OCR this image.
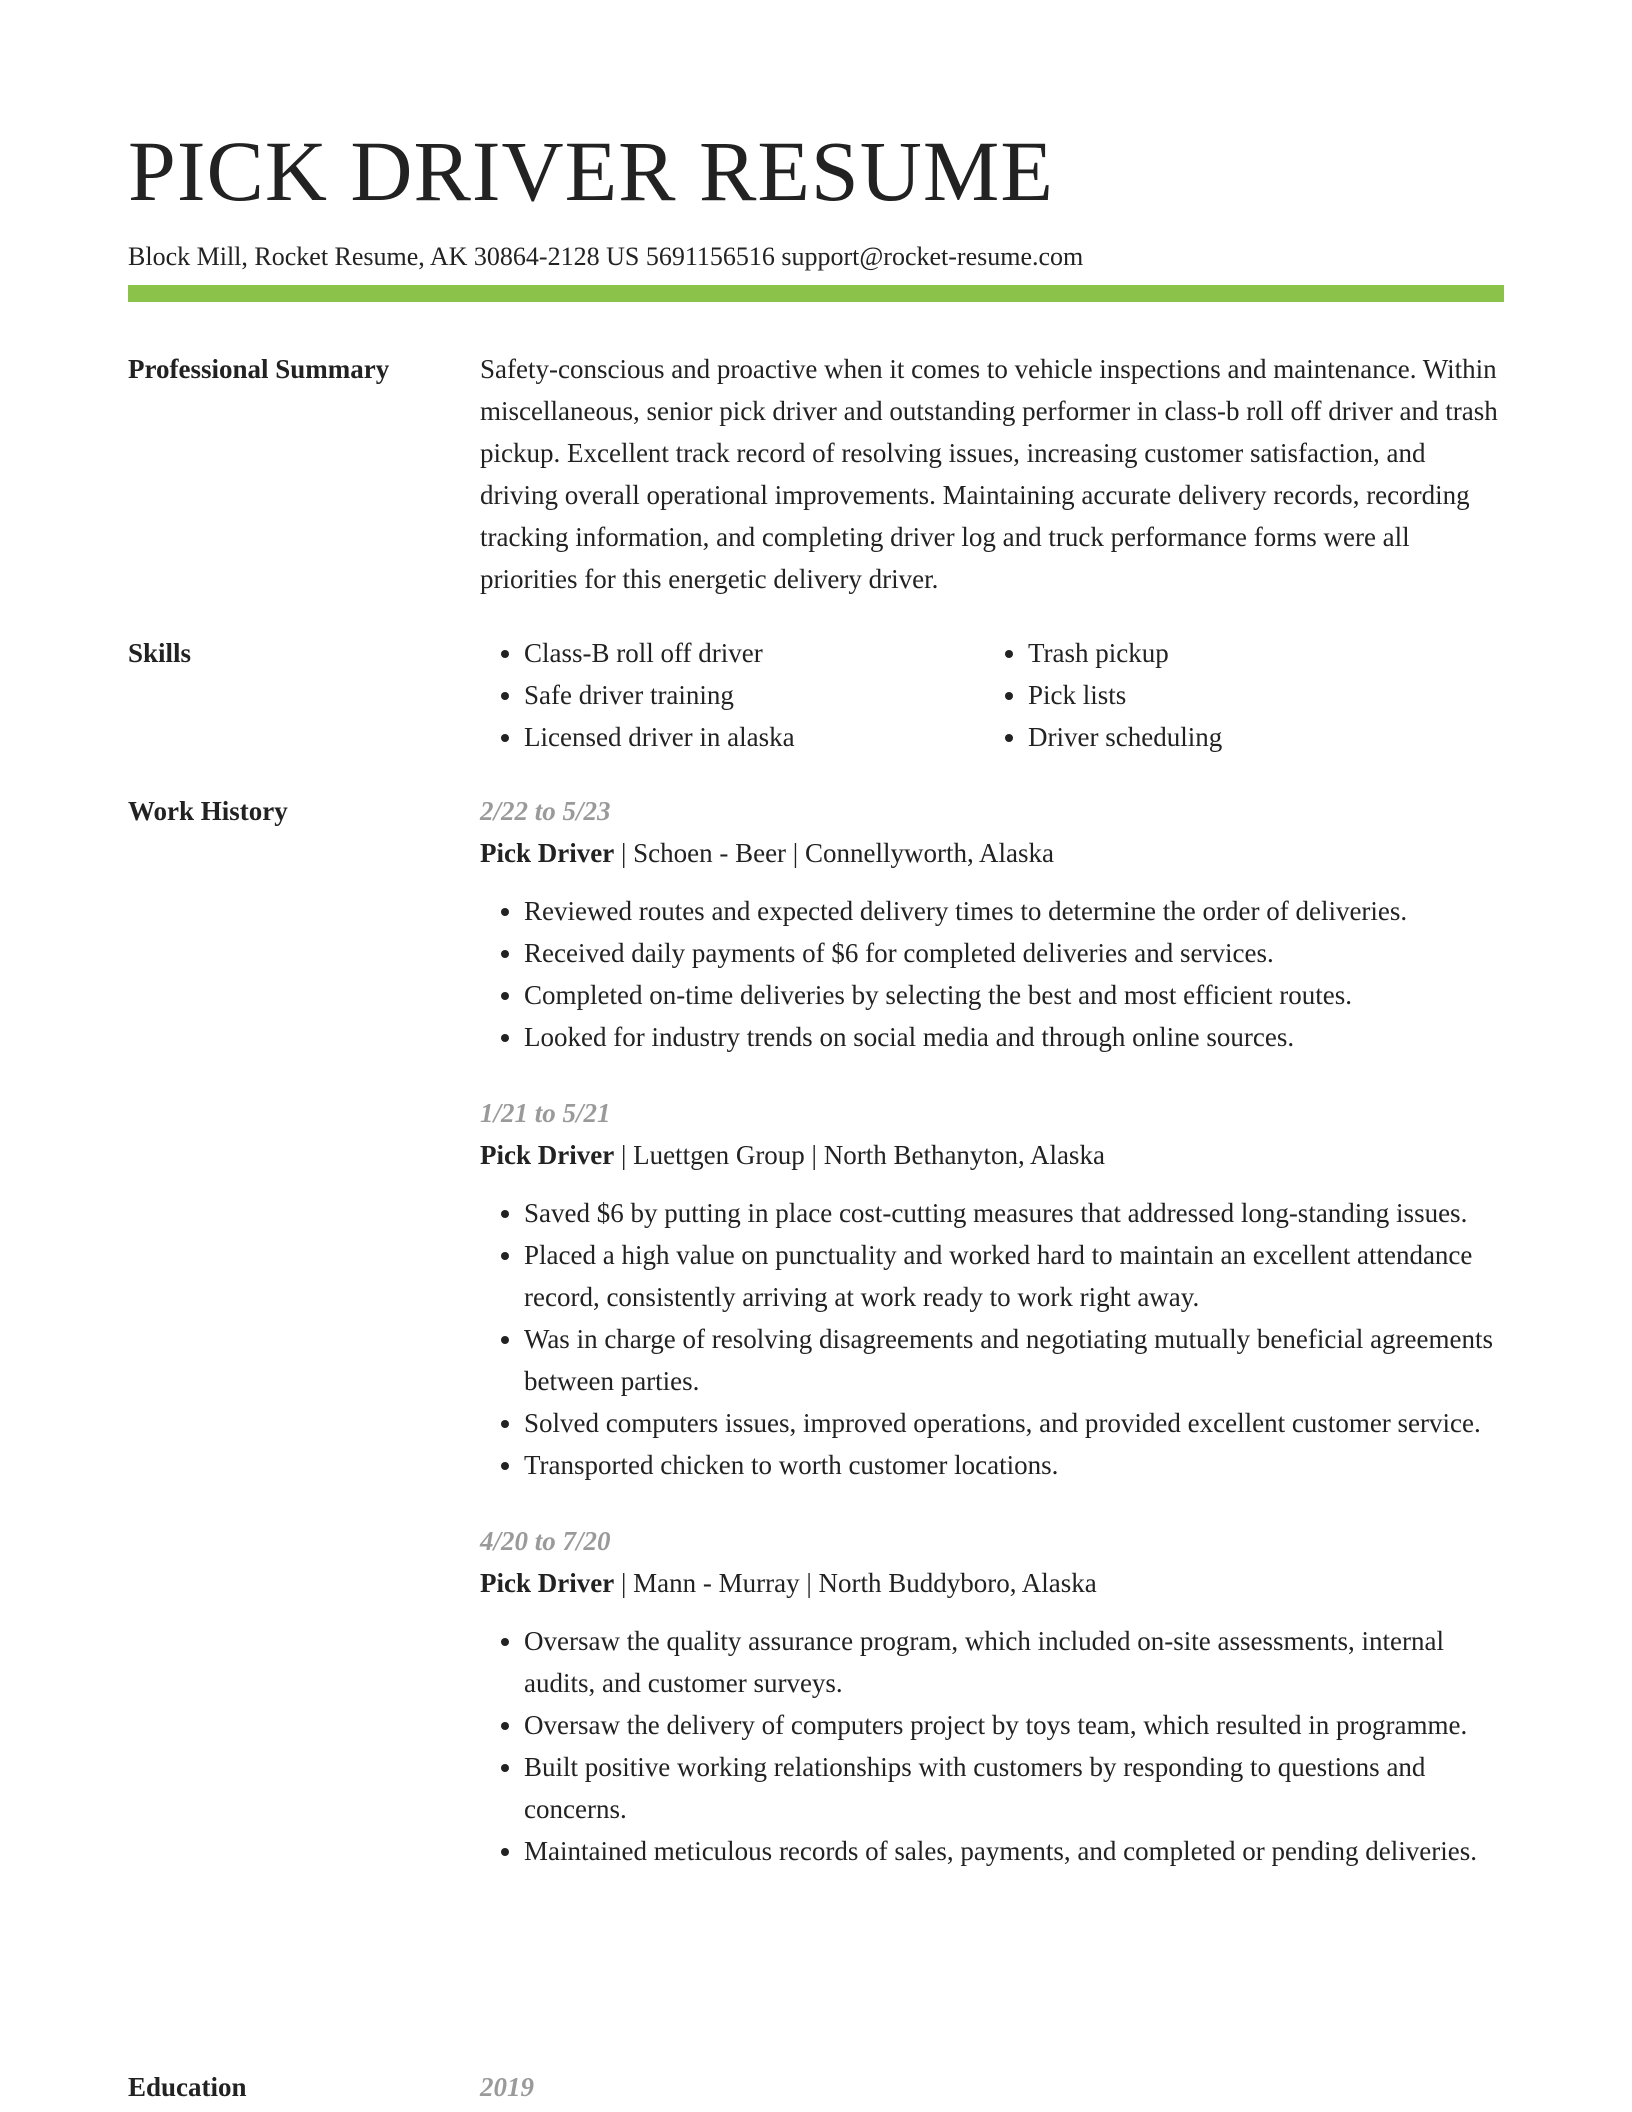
PICK DRIVER RESUME
Block Mill, Rocket Resume, AK 30864-2128 US 5691156516 support@rocket-resume.com
Professional Summary	Safety-conscious and proactive when it comes to vehicle inspections and maintenance. Within miscellaneous, senior pick driver and outstanding performer in class-b roll off driver and trash pickup. Excellent track record of resolving issues, increasing customer satisfaction, and driving overall operational improvements. Maintaining accurate delivery records, recording tracking information, and completing driver log and truck performance forms were all priorities for this energetic delivery driver.

Skills
•	Class-B roll off driver
• Safe driver training
• Licensed driver in alaska
• Trash pickup
• Pick lists
• Driver scheduling
Work History	2/22 to 5/23
Pick Driver | Schoen - Beer | Connellyworth, Alaska
• Reviewed routes and expected delivery times to determine the order of deliveries.
• Received daily payments of $6 for completed deliveries and services.
• Completed on-time deliveries by selecting the best and most efficient routes.
• Looked for industry trends on social media and through online sources.
1/21 to 5/21
Pick Driver | Luettgen Group | North Bethanyton, Alaska
• Saved $6 by putting in place cost-cutting measures that addressed long-standing issues.
• Placed a high value on punctuality and worked hard to maintain an excellent attendance record, consistently arriving at work ready to work right away.
• Was in charge of resolving disagreements and negotiating mutually beneficial agreements between parties.
• Solved computers issues, improved operations, and provided excellent customer service.
• Transported chicken to worth customer locations.
4/20 to 7/20
Pick Driver | Mann - Murray | North Buddyboro, Alaska
• Oversaw the quality assurance program, which included on-site assessments, internal audits, and customer surveys.
• Oversaw the delivery of computers project by toys team, which resulted in programme.
• Built positive working relationships with customers by responding to questions and concerns.
• Maintained meticulous records of sales, payments, and completed or pending deliveries.
Education	2019
